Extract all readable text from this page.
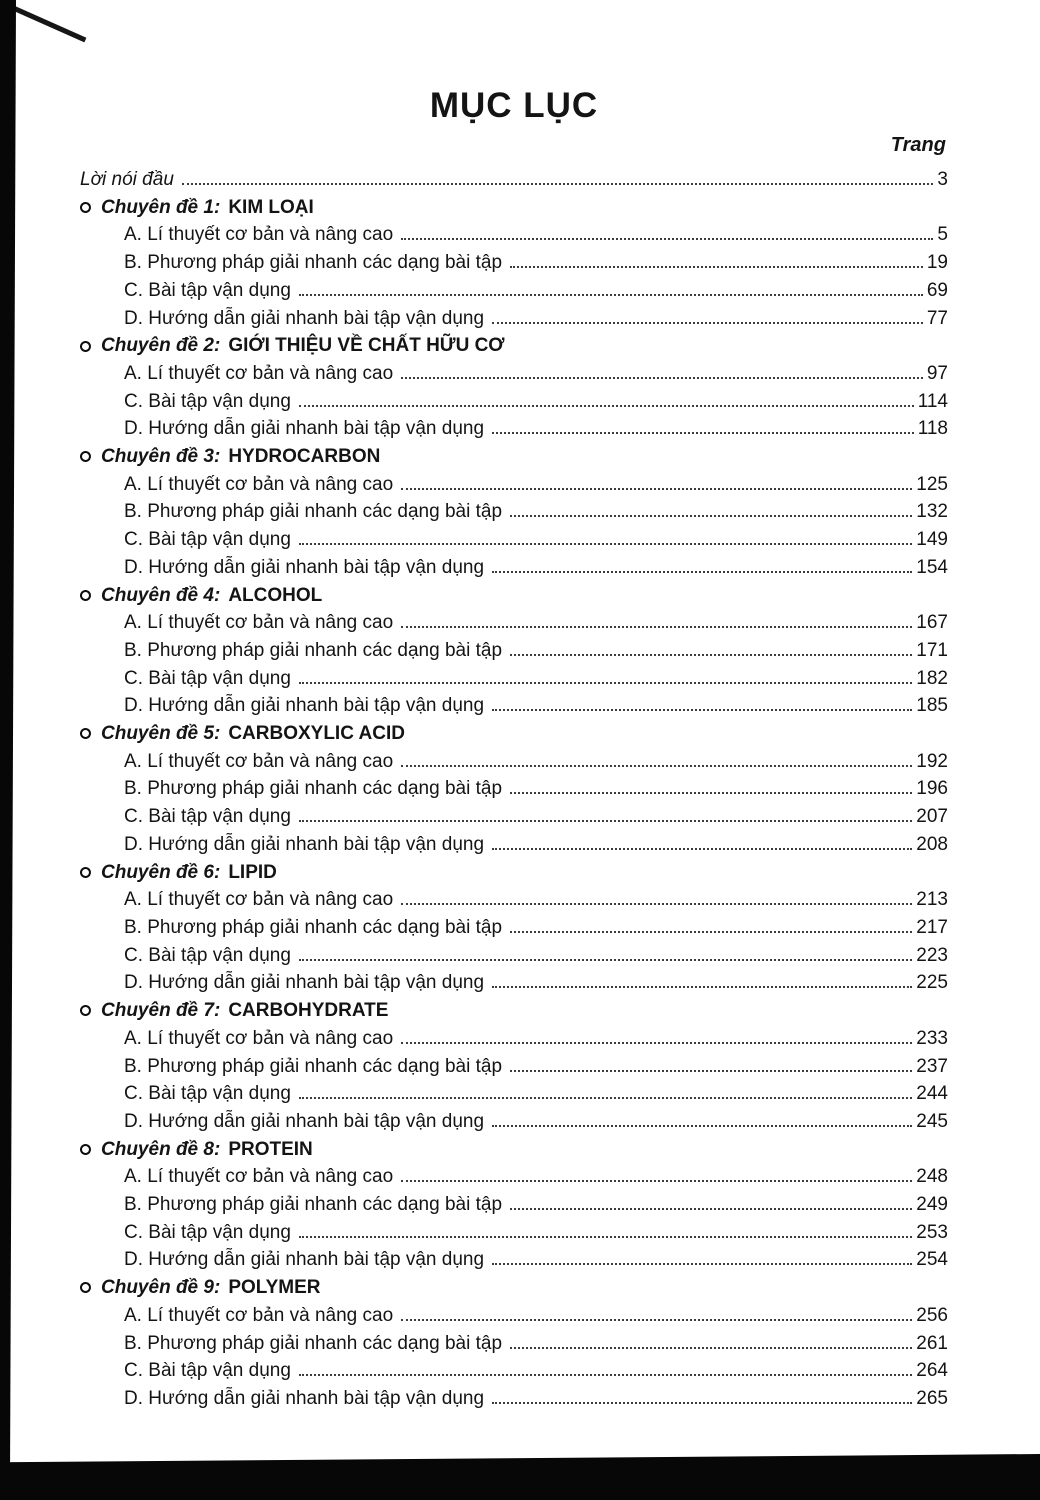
MỤC LỤC
Trang
Lời nói đầu	3
Chuyên đề 1: KIM LOẠI
A. Lí thuyết cơ bản và nâng cao	5
B. Phương pháp giải nhanh các dạng bài tập	19
C. Bài tập vận dụng	69
D. Hướng dẫn giải nhanh bài tập vận dụng	77
Chuyên đề 2: GIỚI THIỆU VỀ CHẤT HỮU CƠ
A. Lí thuyết cơ bản và nâng cao	97
C. Bài tập vận dụng	114
D. Hướng dẫn giải nhanh bài tập vận dụng	118
Chuyên đề 3: HYDROCARBON
A. Lí thuyết cơ bản và nâng cao	125
B. Phương pháp giải nhanh các dạng bài tập	132
C. Bài tập vận dụng	149
D. Hướng dẫn giải nhanh bài tập vận dụng	154
Chuyên đề 4: ALCOHOL
A. Lí thuyết cơ bản và nâng cao	167
B. Phương pháp giải nhanh các dạng bài tập	171
C. Bài tập vận dụng	182
D. Hướng dẫn giải nhanh bài tập vận dụng	185
Chuyên đề 5: CARBOXYLIC ACID
A. Lí thuyết cơ bản và nâng cao	192
B. Phương pháp giải nhanh các dạng bài tập	196
C. Bài tập vận dụng	207
D. Hướng dẫn giải nhanh bài tập vận dụng	208
Chuyên đề 6: LIPID
A. Lí thuyết cơ bản và nâng cao	213
B. Phương pháp giải nhanh các dạng bài tập	217
C. Bài tập vận dụng	223
D. Hướng dẫn giải nhanh bài tập vận dụng	225
Chuyên đề 7: CARBOHYDRATE
A. Lí thuyết cơ bản và nâng cao	233
B. Phương pháp giải nhanh các dạng bài tập	237
C. Bài tập vận dụng	244
D. Hướng dẫn giải nhanh bài tập vận dụng	245
Chuyên đề 8: PROTEIN
A. Lí thuyết cơ bản và nâng cao	248
B. Phương pháp giải nhanh các dạng bài tập	249
C. Bài tập vận dụng	253
D. Hướng dẫn giải nhanh bài tập vận dụng	254
Chuyên đề 9: POLYMER
A. Lí thuyết cơ bản và nâng cao	256
B. Phương pháp giải nhanh các dạng bài tập	261
C. Bài tập vận dụng	264
D. Hướng dẫn giải nhanh bài tập vận dụng	265
